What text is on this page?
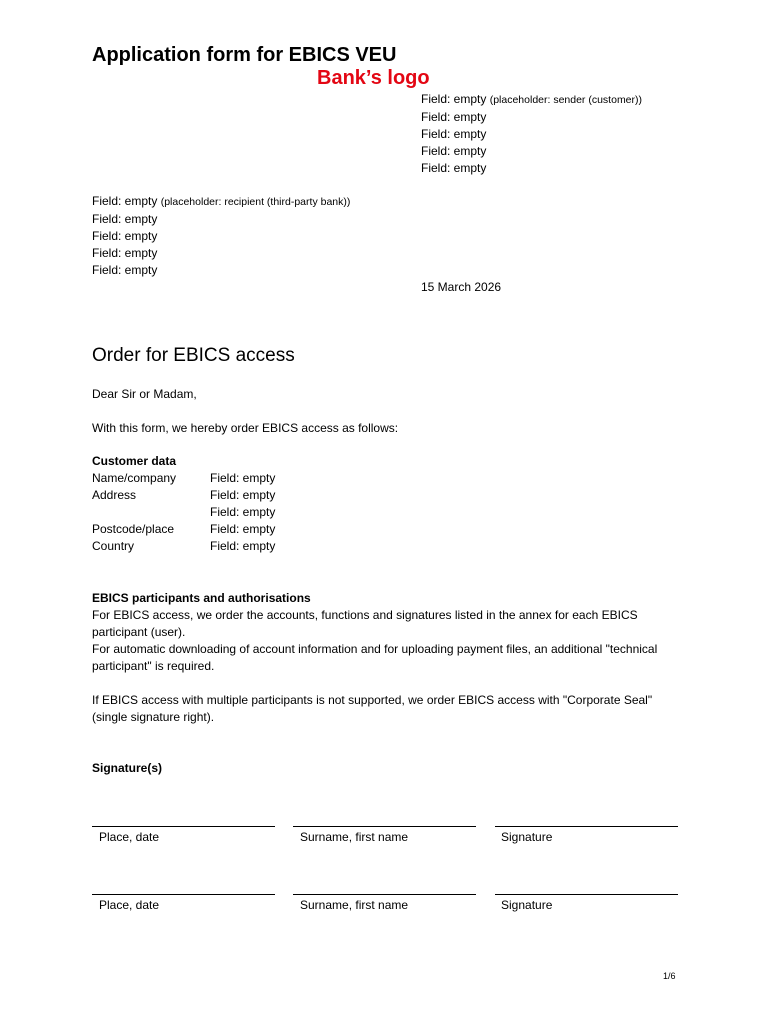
Application form for EBICS VEU
Bank’s logo
Field: empty (placeholder: sender (customer))
Field: empty
Field: empty
Field: empty
Field: empty
Field: empty (placeholder: recipient (third-party bank))
Field: empty
Field: empty
Field: empty
Field: empty
15 March 2026
Order for EBICS access
Dear Sir or Madam,
With this form, we hereby order EBICS access as follows:
Customer data
Name/company	Field: empty
Address	Field: empty
Field: empty
Postcode/place	Field: empty
Country	Field: empty
EBICS participants and authorisations
For EBICS access, we order the accounts, functions and signatures listed in the annex for each EBICS participant (user).
For automatic downloading of account information and for uploading payment files, an additional "technical participant" is required.
If EBICS access with multiple participants is not supported, we order EBICS access with "Corporate Seal" (single signature right).
Signature(s)
Place, date	Surname, first name	Signature
Place, date	Surname, first name	Signature
1/6
